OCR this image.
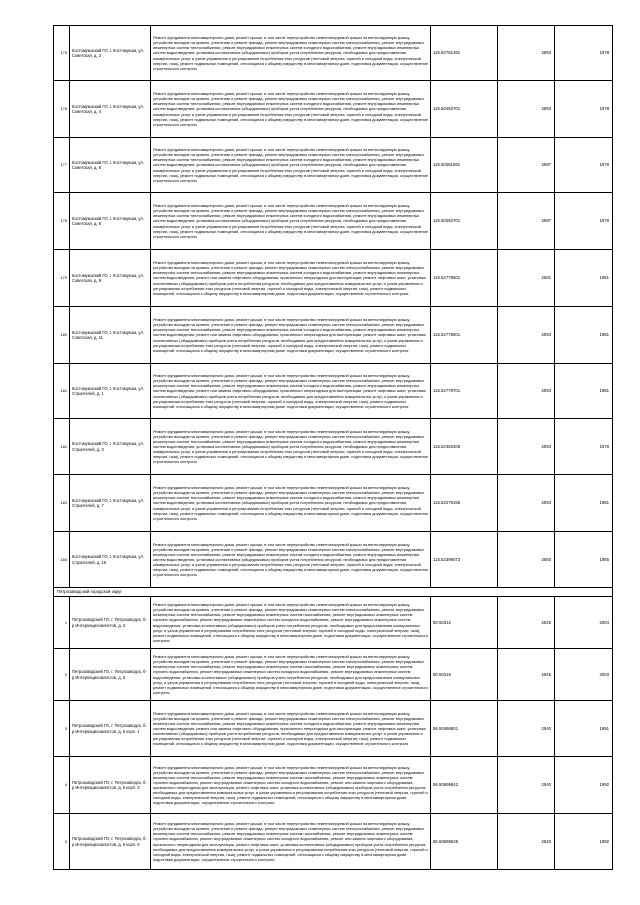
175	Костомукшский ГО, г. Костомукша, ул. Советская, д. 2	Ремонт фундамента многоквартирного дома, ремонт крыши, в том числе переустройство невентилируемой крыши на вентилируемую крышу, устройство выходов на кровлю, утепление и ремонт фасада, ремонт внутридомовых инженерных систем электроснабжения, ремонт внутридомовых инженерных систем теплоснабжения, ремонт внутридомовых инженерных систем холодного водоснабжения, ремонт внутридомовых инженерных систем водоотведения, установка коллективных (общедомовых) приборов учета потребления ресурсов, необходимых для предоставления коммунальных услуг, и узлов управления и регулирования потребления этих ресурсов (тепловой энергии, горячей и холодной воды, электрической энергии, газа), ремонт подвальных помещений, относящихся к общему имуществу в многоквартирном доме, подготовка документации, осуществление строительного контроля	115.52781451	2593	1978
176	Костомукшский ГО, г. Костомукша, ул. Советская, д. 4	Ремонт фундамента многоквартирного дома, ремонт крыши, в том числе переустройство невентилируемой крыши на вентилируемую крышу, устройство выходов на кровлю, утепление и ремонт фасада, ремонт внутридомовых инженерных систем электроснабжения, ремонт внутридомовых инженерных систем теплоснабжения, ремонт внутридомовых инженерных систем холодного водоснабжения, ремонт внутридомовых инженерных систем водоотведения, установка коллективных (общедомовых) приборов учета потребления ресурсов, необходимых для предоставления коммунальных услуг, и узлов управления и регулирования потребления этих ресурсов (тепловой энергии, горячей и холодной воды, электрической энергии, газа), ремонт подвальных помещений, относящихся к общему имуществу в многоквартирном доме, подготовка документации, осуществление строительного контроля	115.50482701	2593	1978
177	Костомукшский ГО, г. Костомукша, ул. Советская, д. 5	Ремонт фундамента многоквартирного дома, ремонт крыши, в том числе переустройство невентилируемой крыши на вентилируемую крышу, устройство выходов на кровлю, утепление и ремонт фасада, ремонт внутридомовых инженерных систем электроснабжения, ремонт внутридомовых инженерных систем теплоснабжения, ремонт внутридомовых инженерных систем холодного водоснабжения, ремонт внутридомовых инженерных систем водоотведения, установка коллективных (общедомовых) приборов учета потребления ресурсов, необходимых для предоставления коммунальных услуг, и узлов управления и регулирования потребления этих ресурсов (тепловой энергии, горячей и холодной воды, электрической энергии, газа), ремонт подвальных помещений, относящихся к общему имуществу в многоквартирном доме, подготовка документации, осуществление строительного контроля	115.50281551	2597	1979
178	Костомукшский ГО, г. Костомукша, ул. Советская, д. 8	Ремонт фундамента многоквартирного дома, ремонт крыши, в том числе переустройство невентилируемой крыши на вентилируемую крышу, устройство выходов на кровлю, утепление и ремонт фасада, ремонт внутридомовых инженерных систем электроснабжения, ремонт внутридомовых инженерных систем теплоснабжения, ремонт внутридомовых инженерных систем холодного водоснабжения, ремонт внутридомовых инженерных систем водоотведения, установка коллективных (общедомовых) приборов учета потребления ресурсов, необходимых для предоставления коммунальных услуг, и узлов управления и регулирования потребления этих ресурсов (тепловой энергии, горячей и холодной воды, электрической энергии, газа), ремонт подвальных помещений, относящихся к общему имуществу в многоквартирном доме, подготовка документации, осуществление строительного контроля	115.50282701	2597	1979
179	Костомукшский ГО, г. Костомукша, ул. Советская, д. 9	Ремонт фундамента многоквартирного дома, ремонт крыши, в том числе переустройство невентилируемой крыши на вентилируемую крышу, устройство выходов на кровлю, утепление и ремонт фасада, ремонт внутридомовых инженерных систем электроснабжения, ремонт внутридомовых инженерных систем теплоснабжения, ремонт внутридомовых инженерных систем холодного водоснабжения, ремонт внутридомовых инженерных систем водоотведения, ремонт или замена лифтового оборудования, признанного непригодным для эксплуатации, ремонт лифтовых шахт, установка коллективных (общедомовых) приборов учета потребления ресурсов, необходимых для предоставления коммунальных услуг, и узлов управления и регулирования потребления этих ресурсов (тепловой энергии, горячей и холодной воды, электрической энергии, газа), ремонт подвальных помещений, относящихся к общему имуществу в многоквартирном доме, подготовка документации, осуществление строительного контроля	115.52779601	2581	1981
180	Костомукшский ГО, г. Костомукша, ул. Советская, д. 11	Ремонт фундамента многоквартирного дома, ремонт крыши, в том числе переустройство невентилируемой крыши на вентилируемую крышу, устройство выходов на кровлю, утепление и ремонт фасада, ремонт внутридомовых инженерных систем электроснабжения, ремонт внутридомовых инженерных систем теплоснабжения, ремонт внутридомовых инженерных систем холодного водоснабжения, ремонт внутридомовых инженерных систем водоотведения, ремонт или замена лифтового оборудования, признанного непригодным для эксплуатации, ремонт лифтовых шахт, установка коллективных (общедомовых) приборов учета потребления ресурсов, необходимых для предоставления коммунальных услуг, и узлов управления и регулирования потребления этих ресурсов (тепловой энергии, горячей и холодной воды, электрической энергии, газа), ремонт подвальных помещений, относящихся к общему имуществу в многоквартирном доме, подготовка документации, осуществление строительного контроля	115.52779601	2593	1981
181	Костомукшский ГО, г. Костомукша, ул. Строителей, д. 1	Ремонт фундамента многоквартирного дома, ремонт крыши, в том числе переустройство невентилируемой крыши на вентилируемую крышу, устройство выходов на кровлю, утепление и ремонт фасада, ремонт внутридомовых инженерных систем электроснабжения, ремонт внутридомовых инженерных систем теплоснабжения, ремонт внутридомовых инженерных систем холодного водоснабжения, ремонт внутридомовых инженерных систем водоотведения, ремонт или замена лифтового оборудования, признанного непригодным для эксплуатации, ремонт лифтовых шахт, установка коллективных (общедомовых) приборов учета потребления ресурсов, необходимых для предоставления коммунальных услуг, и узлов управления и регулирования потребления этих ресурсов (тепловой энергии, горячей и холодной воды, электрической энергии, газа), ремонт подвальных помещений, относящихся к общему имуществу в многоквартирном доме, подготовка документации, осуществление строительного контроля	115.52779701	2593	1981
182	Костомукшский ГО, г. Костомукша, ул. Строителей, д. 3	Ремонт фундамента многоквартирного дома, ремонт крыши, в том числе переустройство невентилируемой крыши на вентилируемую крышу, устройство выходов на кровлю, утепление и ремонт фасада, ремонт внутридомовых инженерных систем электроснабжения, ремонт внутридомовых инженерных систем теплоснабжения, ремонт внутридомовых инженерных систем холодного водоснабжения, ремонт внутридомовых инженерных систем водоотведения, установка коллективных (общедомовых) приборов учета потребления ресурсов, необходимых для предоставления коммунальных услуг, и узлов управления и регулирования потребления этих ресурсов (тепловой энергии, горячей и холодной воды, электрической энергии, газа), ремонт подвальных помещений, относящихся к общему имуществу в многоквартирном доме, подготовка документации, осуществление строительного контроля	115.52482408	2593	1978
183	Костомукшский ГО, г. Костомукша, ул. Строителей, д. 7	Ремонт фундамента многоквартирного дома, ремонт крыши, в том числе переустройство невентилируемой крыши на вентилируемую крышу, устройство выходов на кровлю, утепление и ремонт фасада, ремонт внутридомовых инженерных систем электроснабжения, ремонт внутридомовых инженерных систем теплоснабжения, ремонт внутридомовых инженерных систем холодного водоснабжения, ремонт внутридомовых инженерных систем водоотведения, установка коллективных (общедомовых) приборов учета потребления ресурсов, необходимых для предоставления коммунальных услуг, и узлов управления и регулирования потребления этих ресурсов (тепловой энергии, горячей и холодной воды, электрической энергии, газа), ремонт подвальных помещений, относящихся к общему имуществу в многоквартирном доме, подготовка документации, осуществление строительного контроля	115.52279155	2593	1981
184	Костомукшский ГО, г. Костомукша, ул. Строителей, д. 15	Ремонт фундамента многоквартирного дома, ремонт крыши, в том числе переустройство невентилируемой крыши на вентилируемую крышу, устройство выходов на кровлю, утепление и ремонт фасада, ремонт внутридомовых инженерных систем электроснабжения, ремонт внутридомовых инженерных систем теплоснабжения, ремонт внутридомовых инженерных систем холодного водоснабжения, ремонт внутридомовых инженерных систем водоотведения, установка коллективных (общедомовых) приборов учета потребления ресурсов, необходимых для предоставления коммунальных услуг, и узлов управления и регулирования потребления этих ресурсов (тепловой энергии, горячей и холодной воды, электрической энергии, газа), ремонт подвальных помещений, относящихся к общему имуществу в многоквартирном доме, подготовка документации, осуществление строительного контроля	115.52399073	2593	1985
Петрозаводский городской округ					
1	Петрозаводский ГО, г. Петрозаводск, б-р Интернационалистов, д. 3	Ремонт фундамента многоквартирного дома, ремонт крыши, в том числе переустройство невентилируемой крыши на вентилируемую крышу, устройство выходов на кровлю, утепление и ремонт фасада, ремонт внутридомовых инженерных систем электроснабжения, ремонт внутридомовых инженерных систем теплоснабжения, ремонт внутридомовых инженерных систем газоснабжения, ремонт внутридомовых инженерных систем горячего водоснабжения, ремонт внутридомовых инженерных систем холодного водоснабжения, ремонт внутридомовых инженерных систем водоотведения, установка коллективных (общедомовых) приборов учета потребления ресурсов, необходимых для предоставления коммунальных услуг, и узлов управления и регулирования потребления этих ресурсов (тепловой энергии, горячей и холодной воды, электрической энергии, газа), ремонт подвальных помещений, относящихся к общему имуществу в многоквартирном доме, подготовка документации, осуществление строительного контроля	90.50312	2545	2004
2	Петрозаводский ГО, г. Петрозаводск, б-р Интернационалистов, д. 5	Ремонт фундамента многоквартирного дома, ремонт крыши, в том числе переустройство невентилируемой крыши на вентилируемую крышу, устройство выходов на кровлю, утепление и ремонт фасада, ремонт внутридомовых инженерных систем электроснабжения, ремонт внутридомовых инженерных систем теплоснабжения, ремонт внутридомовых инженерных систем газоснабжения, ремонт внутридомовых инженерных систем горячего водоснабжения, ремонт внутридомовых инженерных систем холодного водоснабжения, ремонт внутридомовых инженерных систем водоотведения, установка коллективных (общедомовых) приборов учета потребления ресурсов, необходимых для предоставления коммунальных услуг, и узлов управления и регулирования потребления этих ресурсов (тепловой энергии, горячей и холодной воды, электрической энергии, газа), ремонт подвальных помещений, относящихся к общему имуществу в многоквартирном доме, подготовка документации, осуществление строительного контроля	90.50315	2545	2003
3	Петрозаводский ГО, г. Петрозаводск, б-р Интернационалистов, д. 6 корп. 1	Ремонт фундамента многоквартирного дома, ремонт крыши, в том числе переустройство невентилируемой крыши на вентилируемую крышу, устройство выходов на кровлю, утепление и ремонт фасада, ремонт внутридомовых инженерных систем электроснабжения, ремонт внутридомовых инженерных систем теплоснабжения, ремонт внутридомовых инженерных систем холодного водоснабжения, ремонт внутридомовых инженерных систем водоотведения, ремонт или замена лифтового оборудования, признанного непригодным для эксплуатации, ремонт лифтовых шахт, установка коллективных (общедомовых) приборов учета потребления ресурсов, необходимых для предоставления коммунальных услуг, и узлов управления и регулирования потребления этих ресурсов (тепловой энергии, горячей и холодной воды, электрической энергии, газа), ремонт подвальных помещений, относящихся к общему имуществу в многоквартирном доме, подготовка документации, осуществление строительного контроля	86.50486801	2540	1991
4	Петрозаводский ГО, г. Петрозаводск, б-р Интернационалистов, д. 6 корп. 3	Ремонт фундамента многоквартирного дома, ремонт крыши, в том числе переустройство невентилируемой крыши на вентилируемую крышу, устройство выходов на кровлю, утепление и ремонт фасада, ремонт внутридомовых инженерных систем электроснабжения, ремонт внутридомовых инженерных систем теплоснабжения, ремонт внутридомовых инженерных систем газоснабжения, ремонт внутридомовых инженерных систем горячего водоснабжения, ремонт внутридомовых инженерных систем холодного водоснабжения, ремонт или замена лифтового оборудования, признанного непригодным для эксплуатации, ремонт лифтовых шахт, установка коллективных (общедомовых) приборов учета потребления ресурсов, необходимых для предоставления коммунальных услуг, и узлов управления и регулирования потребления этих ресурсов (тепловой энергии, горячей и холодной воды, электрической энергии, газа), ремонт подвальных помещений, относящихся к общему имуществу в многоквартирном доме, подготовка документации, осуществление строительного контроля	86.50699842	2540	1992
5	Петрозаводский ГО, г. Петрозаводск, б-р Интернационалистов, д. 6 корп. 5	Ремонт фундамента многоквартирного дома, ремонт крыши, в том числе переустройство невентилируемой крыши на вентилируемую крышу, устройство выходов на кровлю, утепление и ремонт фасада, ремонт внутридомовых инженерных систем электроснабжения, ремонт внутридомовых инженерных систем теплоснабжения, ремонт внутридомовых инженерных систем газоснабжения, ремонт внутридомовых инженерных систем горячего водоснабжения, ремонт внутридомовых инженерных систем холодного водоснабжения, ремонт или замена лифтового оборудования, признанного непригодным для эксплуатации, ремонт лифтовых шахт, установка коллективных (общедомовых) приборов учета потребления ресурсов, необходимых для предоставления коммунальных услуг, и узлов управления и регулирования потребления этих ресурсов (тепловой энергии, горячей и холодной воды, электрической энергии, газа), ремонт подвальных помещений, относящихся к общему имуществу в многоквартирном доме, подготовка документации, осуществление строительного контроля	86.50699536	2540	1992
